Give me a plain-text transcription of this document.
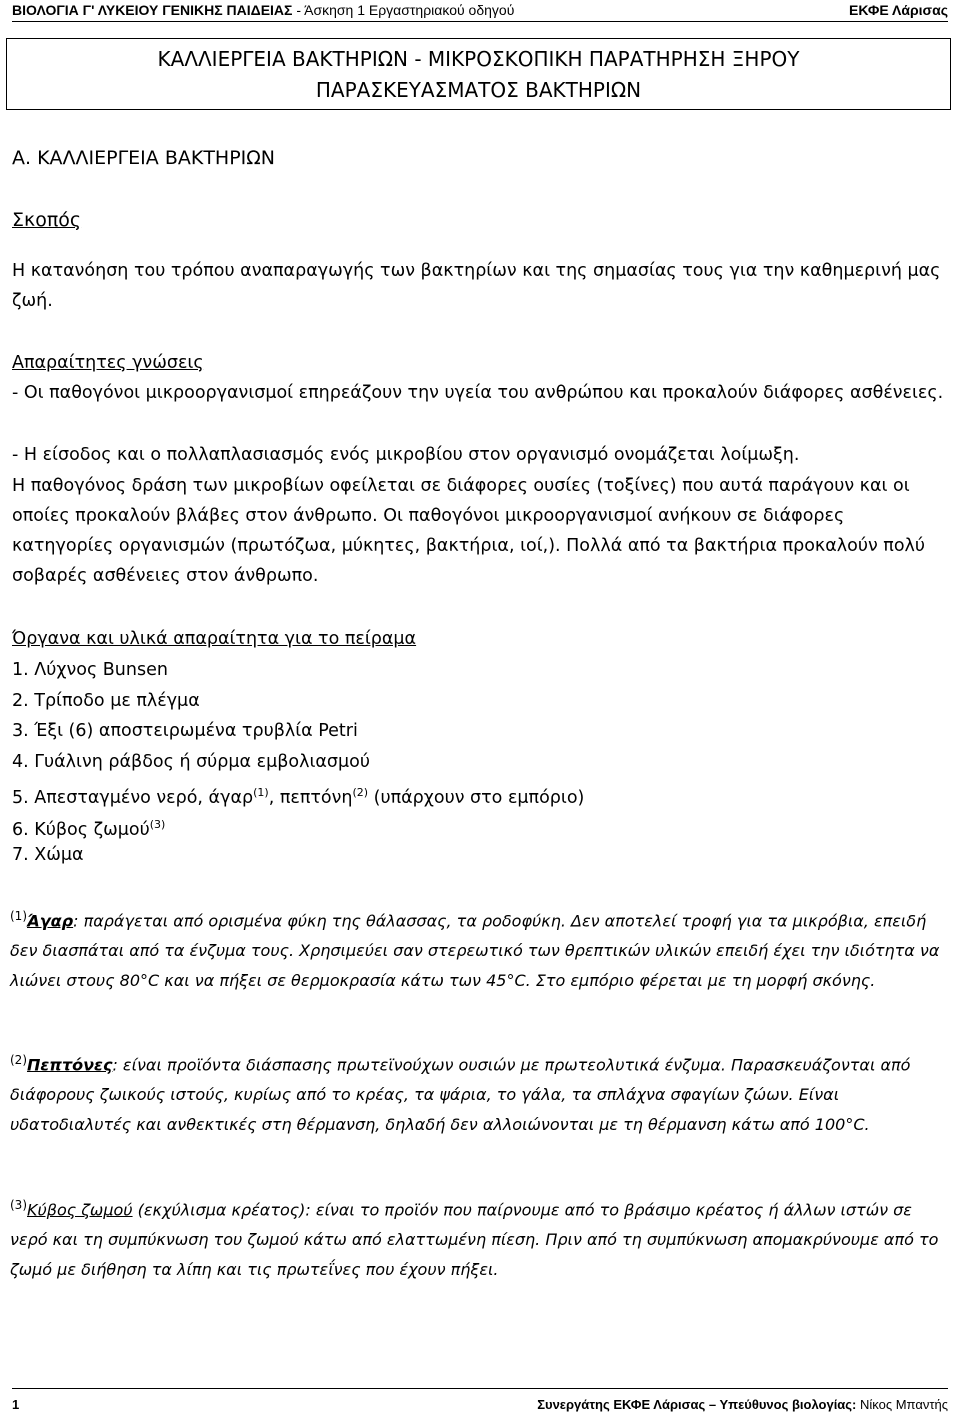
ΒΙΟΛΟΓΙΑ Γ' ΛΥΚΕΙΟΥ ΓΕΝΙΚΗΣ ΠΑΙΔΕΙΑΣ - Άσκηση 1 Εργαστηριακού οδηγού	ΕΚΦΕ Λάρισας
ΚΑΛΛΙΕΡΓΕΙΑ ΒΑΚΤΗΡΙΩΝ - ΜΙΚΡΟΣΚΟΠΙΚΗ ΠΑΡΑΤΗΡΗΣΗ ΞΗΡΟΥ
ΠΑΡΑΣΚΕΥΑΣΜΑΤΟΣ ΒΑΚΤΗΡΙΩΝ
Α. ΚΑΛΛΙΕΡΓΕΙΑ ΒΑΚΤΗΡΙΩΝ
Σκοπός
Η κατανόηση του τρόπου αναπαραγωγής των βακτηρίων και της σημασίας τους για την καθημερινή μας ζωή.
Απαραίτητες γνώσεις
- Οι παθογόνοι μικροοργανισμοί επηρεάζουν την υγεία του ανθρώπου και προκαλούν διάφορες ασθένειες.
- Η είσοδος και ο πολλαπλασιασμός ενός μικροβίου στον οργανισμό ονομάζεται λοίμωξη.
Η παθογόνος δράση των μικροβίων οφείλεται σε διάφορες ουσίες (τοξίνες) που αυτά παράγουν και οι οποίες προκαλούν βλάβες στον άνθρωπο. Οι παθογόνοι μικροοργανισμοί ανήκουν σε διάφορες κατηγορίες οργανισμών (πρωτόζωα, μύκητες, βακτήρια, ιοί,). Πολλά από τα βακτήρια προκαλούν πολύ σοβαρές ασθένειες στον άνθρωπο.
Όργανα και υλικά απαραίτητα για το πείραμα
1. Λύχνος Bunsen
2. Τρίποδο με πλέγμα
3. Έξι (6) αποστειρωμένα τρυβλία Petri
4. Γυάλινη ράβδος ή σύρμα εμβολιασμού
5. Απεσταγμένο νερό, άγαρ$^{(1)}$, πεπτόνη$^{(2)}$ (υπάρχουν στο εμπόριο)
6. Κύβος ζωμού$^{(3)}$
7. Χώμα
$^{(1)}$Άγαρ: παράγεται από ορισμένα φύκη της θάλασσας, τα ροδοφύκη. Δεν αποτελεί τροφή για τα μικρόβια, επειδή δεν διασπάται από τα ένζυμα τους. Χρησιμεύει σαν στερεωτικό των θρεπτικών υλικών επειδή έχει την ιδιότητα να λιώνει στους 80°C και να πήξει σε θερμοκρασία κάτω των 45°C. Στο εμπόριο φέρεται με τη μορφή σκόνης.
$^{(2)}$Πεπτόνες: είναι προϊόντα διάσπασης πρωτεϊνούχων ουσιών με πρωτεολυτικά ένζυμα. Παρασκευάζονται από διάφορους ζωικούς ιστούς, κυρίως από το κρέας, τα ψάρια, το γάλα, τα σπλάχνα σφαγίων ζώων. Είναι υδατοδιαλυτές και ανθεκτικές στη θέρμανση, δηλαδή δεν αλλοιώνονται με τη θέρμανση κάτω από 100°C.
$^{(3)}$Κύβος ζωμού (εκχύλισμα κρέατος): είναι το προϊόν που παίρνουμε από το βράσιμο κρέατος ή άλλων ιστών σε νερό και τη συμπύκνωση του ζωμού κάτω από ελαττωμένη πίεση. Πριν από τη συμπύκνωση απομακρύνουμε από το ζωμό με διήθηση τα λίπη και τις πρωτεΐνες που έχουν πήξει.
1	Συνεργάτης ΕΚΦΕ Λάρισας – Υπεύθυνος βιολογίας: Νίκος Μπαντής
